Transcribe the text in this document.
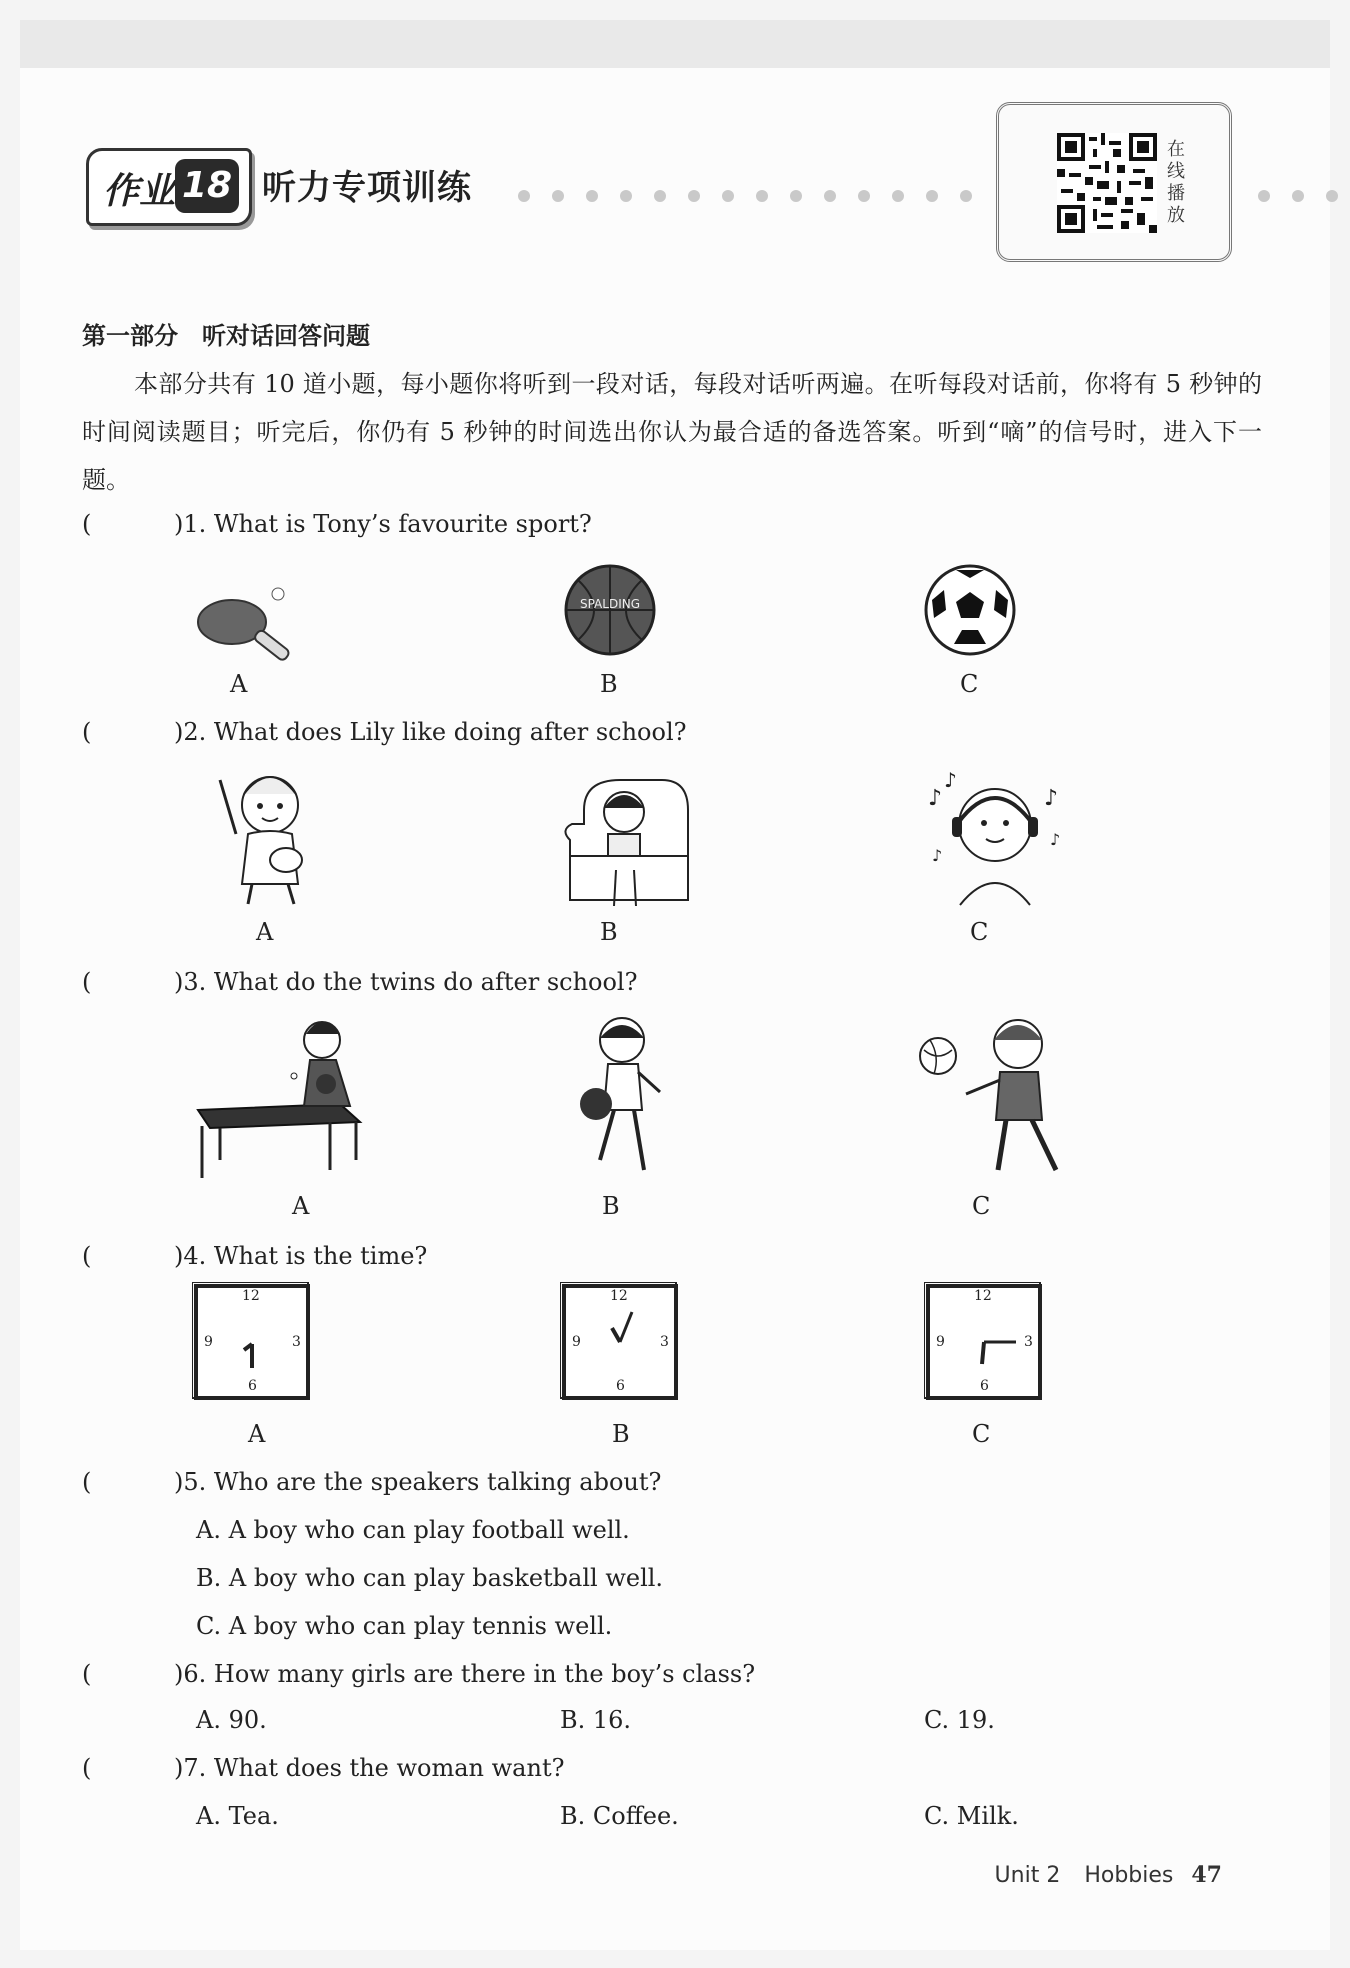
作业 18 听力专项训练
在线播放
第一部分 听对话回答问题
本部分共有 10 道小题，每小题你将听到一段对话，每段对话听两遍。在听每段对话前，你将有 5 秒钟的时间阅读题目；听完后，你仍有 5 秒钟的时间选出你认为最合适的备选答案。听到“嘀”的信号时，进入下一题。
(	)1. What is Tony’s favourite sport?
SPALDING
A	B	C
(	)2. What does Lily like doing after school?
♪
♪
♪
♪
♪
A	B	C
(	)3. What do the twins do after school?
A	B	C
(	)4. What is the time?
12
3
6
9
12
3
6
9
12
3
6
9
A	B	C
(	)5. Who are the speakers talking about?
A. A boy who can play football well.
B. A boy who can play basketball well.
C. A boy who can play tennis well.
(	)6. How many girls are there in the boy’s class?
A. 90.	B. 16.	C. 19.
(	)7. What does the woman want?
A. Tea.	B. Coffee.	C. Milk.
Unit 2 Hobbies 47
